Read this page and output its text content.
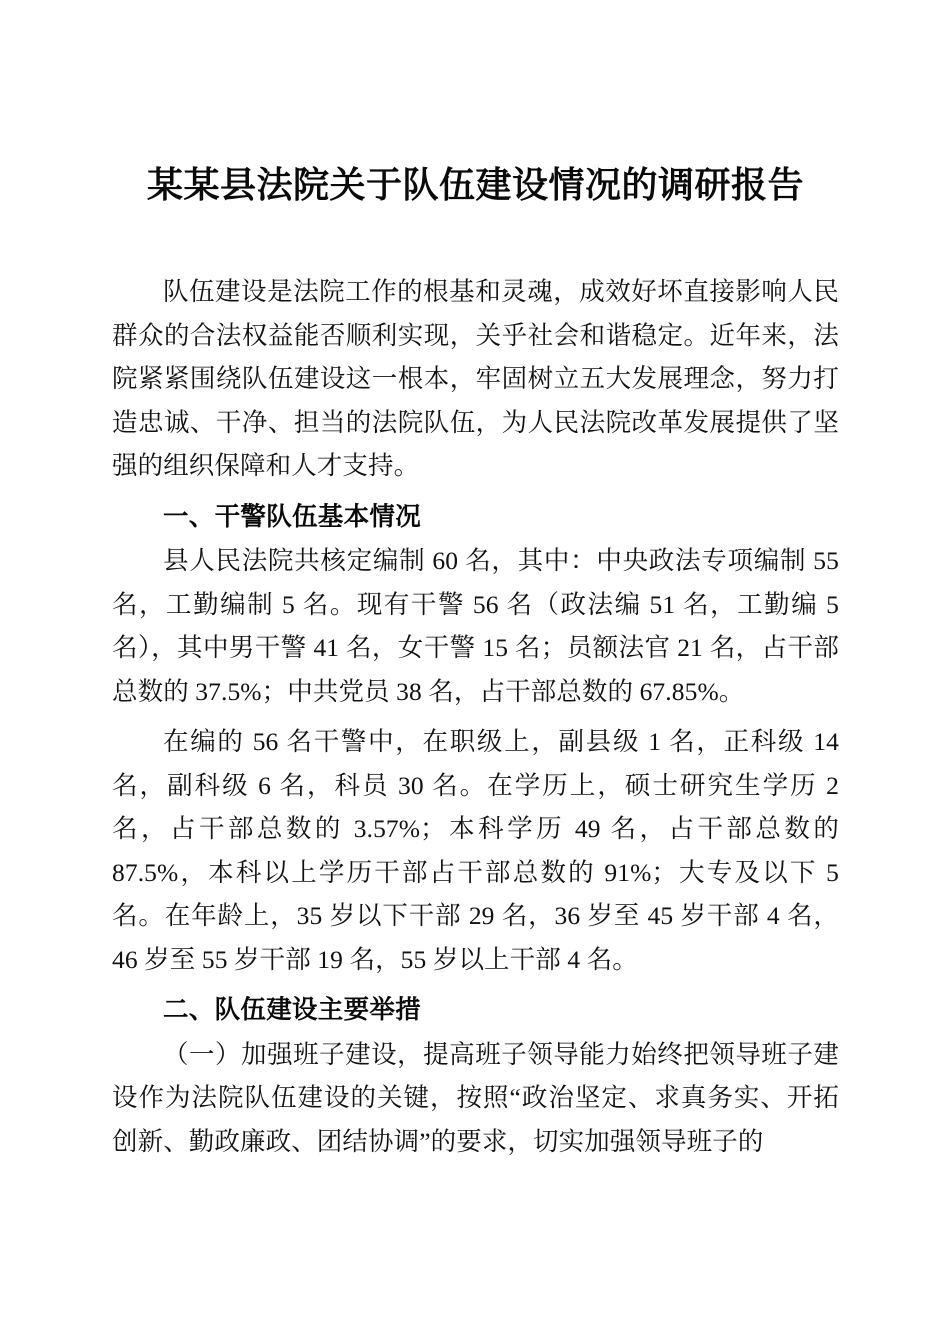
某某县法院关于队伍建设情况的调研报告

队伍建设是法院工作的根基和灵魂，成效好坏直接影响人民群众的合法权益能否顺利实现，关乎社会和谐稳定。近年来，法院紧紧围绕队伍建设这一根本，牢固树立五大发展理念，努力打造忠诚、干净、担当的法院队伍，为人民法院改革发展提供了坚强的组织保障和人才支持。

一、干警队伍基本情况

县人民法院共核定编制 60 名，其中：中央政法专项编制 55 名，工勤编制 5 名。现有干警 56 名（政法编 51 名，工勤编 5 名），其中男干警 41 名，女干警 15 名；员额法官 21 名，占干部总数的 37.5%；中共党员 38 名，占干部总数的 67.85%。

在编的 56 名干警中，在职级上，副县级 1 名，正科级 14 名，副科级 6 名，科员 30 名。在学历上，硕士研究生学历 2 名，占干部总数的 3.57%；本科学历 49 名，占干部总数的 87.5%，本科以上学历干部占干部总数的 91%；大专及以下 5 名。在年龄上，35 岁以下干部 29 名，36 岁至 45 岁干部 4 名，46 岁至 55 岁干部 19 名，55 岁以上干部 4 名。

二、队伍建设主要举措

（一）加强班子建设，提高班子领导能力始终把领导班子建设作为法院队伍建设的关键，按照“政治坚定、求真务实、开拓创新、勤政廉政、团结协调”的要求，切实加强领导班子的
